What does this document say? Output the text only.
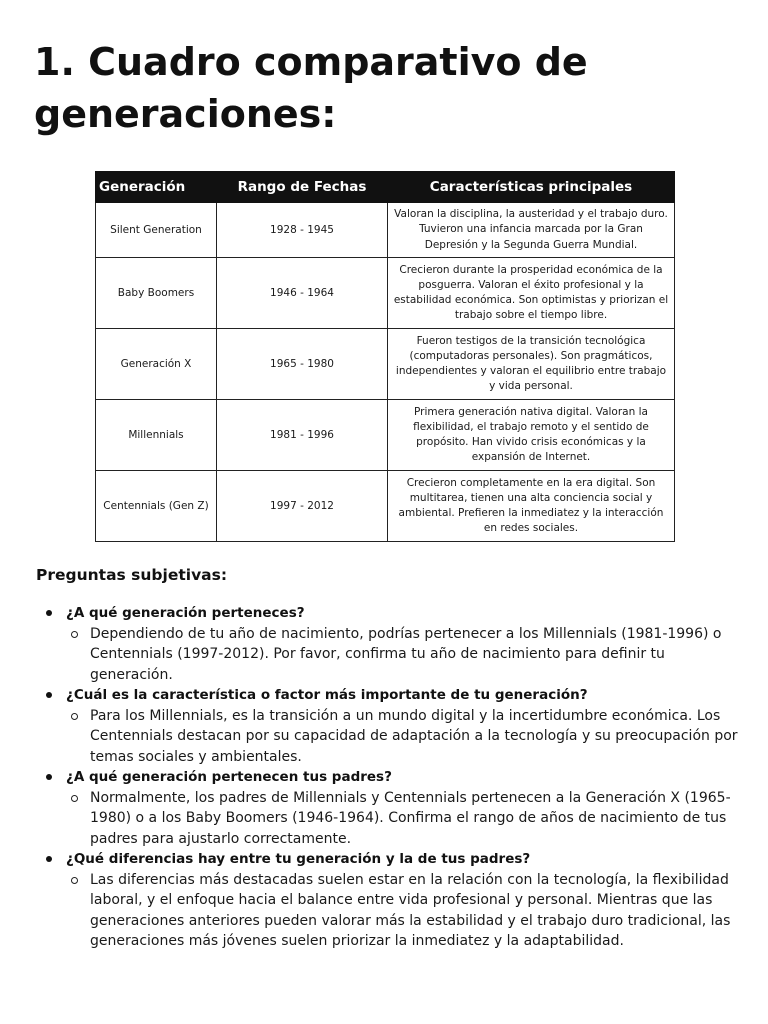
1. Cuadro comparativo de generaciones:
Generación	Rango de Fechas	Características principales
Silent Generation	1928 - 1945	Valoran la disciplina, la austeridad y el trabajo duro. Tuvieron una infancia marcada por la Gran Depresión y la Segunda Guerra Mundial.
Baby Boomers	1946 - 1964	Crecieron durante la prosperidad económica de la posguerra. Valoran el éxito profesional y la estabilidad económica. Son optimistas y priorizan el trabajo sobre el tiempo libre.
Generación X	1965 - 1980	Fueron testigos de la transición tecnológica (computadoras personales). Son pragmáticos, independientes y valoran el equilibrio entre trabajo y vida personal.
Millennials	1981 - 1996	Primera generación nativa digital. Valoran la flexibilidad, el trabajo remoto y el sentido de propósito. Han vivido crisis económicas y la expansión de Internet.
Centennials (Gen Z)	1997 - 2012	Crecieron completamente en la era digital. Son multitarea, tienen una alta conciencia social y ambiental. Prefieren la inmediatez y la interacción en redes sociales.
Preguntas subjetivas:
¿A qué generación perteneces?
Dependiendo de tu año de nacimiento, podrías pertenecer a los Millennials (1981-1996) o Centennials (1997-2012). Por favor, confirma tu año de nacimiento para definir tu generación.
¿Cuál es la característica o factor más importante de tu generación?
Para los Millennials, es la transición a un mundo digital y la incertidumbre económica. Los Centennials destacan por su capacidad de adaptación a la tecnología y su preocupación por temas sociales y ambientales.
¿A qué generación pertenecen tus padres?
Normalmente, los padres de Millennials y Centennials pertenecen a la Generación X (1965-1980) o a los Baby Boomers (1946-1964). Confirma el rango de años de nacimiento de tus padres para ajustarlo correctamente.
¿Qué diferencias hay entre tu generación y la de tus padres?
Las diferencias más destacadas suelen estar en la relación con la tecnología, la flexibilidad laboral, y el enfoque hacia el balance entre vida profesional y personal. Mientras que las generaciones anteriores pueden valorar más la estabilidad y el trabajo duro tradicional, las generaciones más jóvenes suelen priorizar la inmediatez y la adaptabilidad.
